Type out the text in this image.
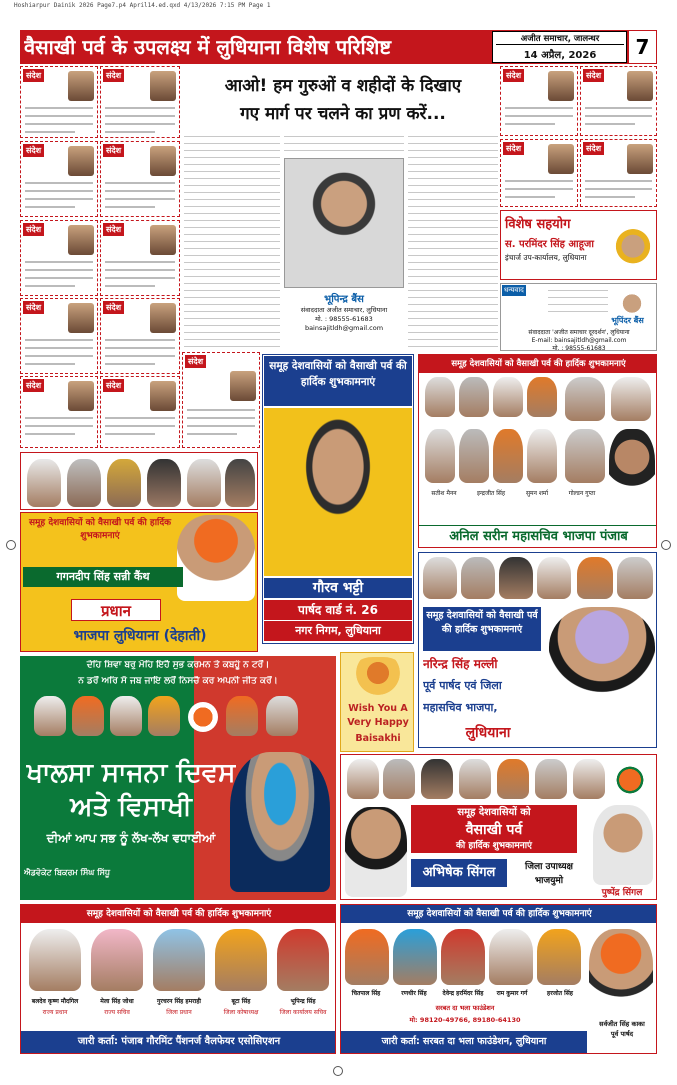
Hoshiarpur Dainik 2026 Page7.p4 April14.ed.qxd 4/13/2026 7:15 PM Page 1
वैसाखी पर्व के उपलक्ष्य में लुधियाना विशेष परिशिष्ट	अजीत समाचार, जालन्धर
14 अप्रैल, 2026	7
संदेश	संदेश
संदेश	संदेश
संदेश	संदेश
संदेश	संदेश
संदेश	संदेश
संदेश
आओ! हम गुरुओं व शहीदों के दिखाए
गए मार्ग पर चलने का प्रण करें...
भूपिन्द्र बैंस
संवाददाता अजीत समाचार, लुधियाना
मो. : 98555-61683
bainsajitldh@gmail.com
संदेश	संदेश
संदेश	संदेश
विशेष सहयोग
स. परमिंदर सिंह आहूजा
इंचार्ज उप-कार्यालय, लुधियाना
धन्यवाद
भूपिंदर बैंस
संवाददाता 'अजीत समाचार दूरदर्शन', लुधियाना
E-mail: bainsajitldh@gmail.com
मो. : 98555-61683
समूह देशवासियों को वैसाखी पर्व की हार्दिक शुभकामनाएं
गगनदीप सिंह सन्नी कैंथ
प्रधान
भाजपा लुधियाना (देहाती)
समूह देशवासियों को वैसाखी पर्व की हार्दिक शुभकामनाएं
गौरव भट्टी
पार्षद वार्ड नं. 26
नगर निगम, लुधियाना
समूह देशवासियों को वैसाखी पर्व की हार्दिक शुभकामनाएं
सतीश मैनन	इन्द्रजीत सिंह	सुमन शर्मा	गोल्डन गुप्ता
अनिल सरीन महासचिव भाजपा पंजाब
समूह देशवासियों को वैसाखी पर्व की हार्दिक शुभकामनाएं
नरिन्द्र सिंह मल्ली
पूर्व पार्षद एवं जिला
महासचिव भाजपा,
लुधियाना
ਦੇਹਿ ਸ਼ਿਵਾ ਬਰੁ ਮੋਹਿ ਇਹੈ ਸੁਭ ਕਰਮਨ ਤੇ ਕਬਹੂੰ ਨ ਟਰੋਂ।
ਨ ਡਰੋਂ ਅਰਿ ਸੋ ਜਬ ਜਾਇ ਲਰੋਂ ਨਿਸਚੈ ਕਰ ਅਪਨੀ ਜੀਤ ਕਰੋਂ।
ਖਾਲਸਾ ਸਾਜਨਾ ਦਿਵਸ
ਅਤੇ ਵਿਸਾਖੀ
ਦੀਆਂ ਆਪ ਸਭ ਨੂੰ ਲੱਖ-ਲੱਖ ਵਧਾਈਆਂ
ਐਡਵੋਕੇਟ ਬਿਕਰਮ ਸਿੰਘ ਸਿੱਧੂ
Wish You A
Very Happy
Baisakhi
समूह देशवासियों को
वैसाखी पर्व
की हार्दिक शुभकामनाएं
अभिषेक सिंगल	जिला उपाध्यक्ष
भाजयुमो
पुष्पेंद्र सिंगल
समूह देशवासियों को वैसाखी पर्व की हार्दिक शुभकामनाएं
बलदेव कृष्ण मौदगिल	मेला सिंह जोधा	गुरचरन सिंह हमराही	बूटा सिंह	भूपिन्द्र सिंह
राज्य प्रधान	राज्य सचिव	जिला प्रधान	जिला कोषाध्यक्ष	जिला कार्यालय सचिव
जारी कर्ता: पंजाब गौरमिंट पैंशनर्ज वैलफेयर एसोसिएशन
समूह देशवासियों को वैसाखी पर्व की हार्दिक शुभकामनाएं
चितपाल सिंह	रणधीर सिंह	देवेन्द्र हरमिंदर सिंह	राम कुमार गर्ग	हरजोत सिंह
सरबत दा भला फाउंडेशन
मो: 98120-49766, 89180-64130	सर्वजीत सिंह काका
पूर्व पार्षद
जारी कर्ता: सरबत दा भला फाउंडेशन, लुधियाना
